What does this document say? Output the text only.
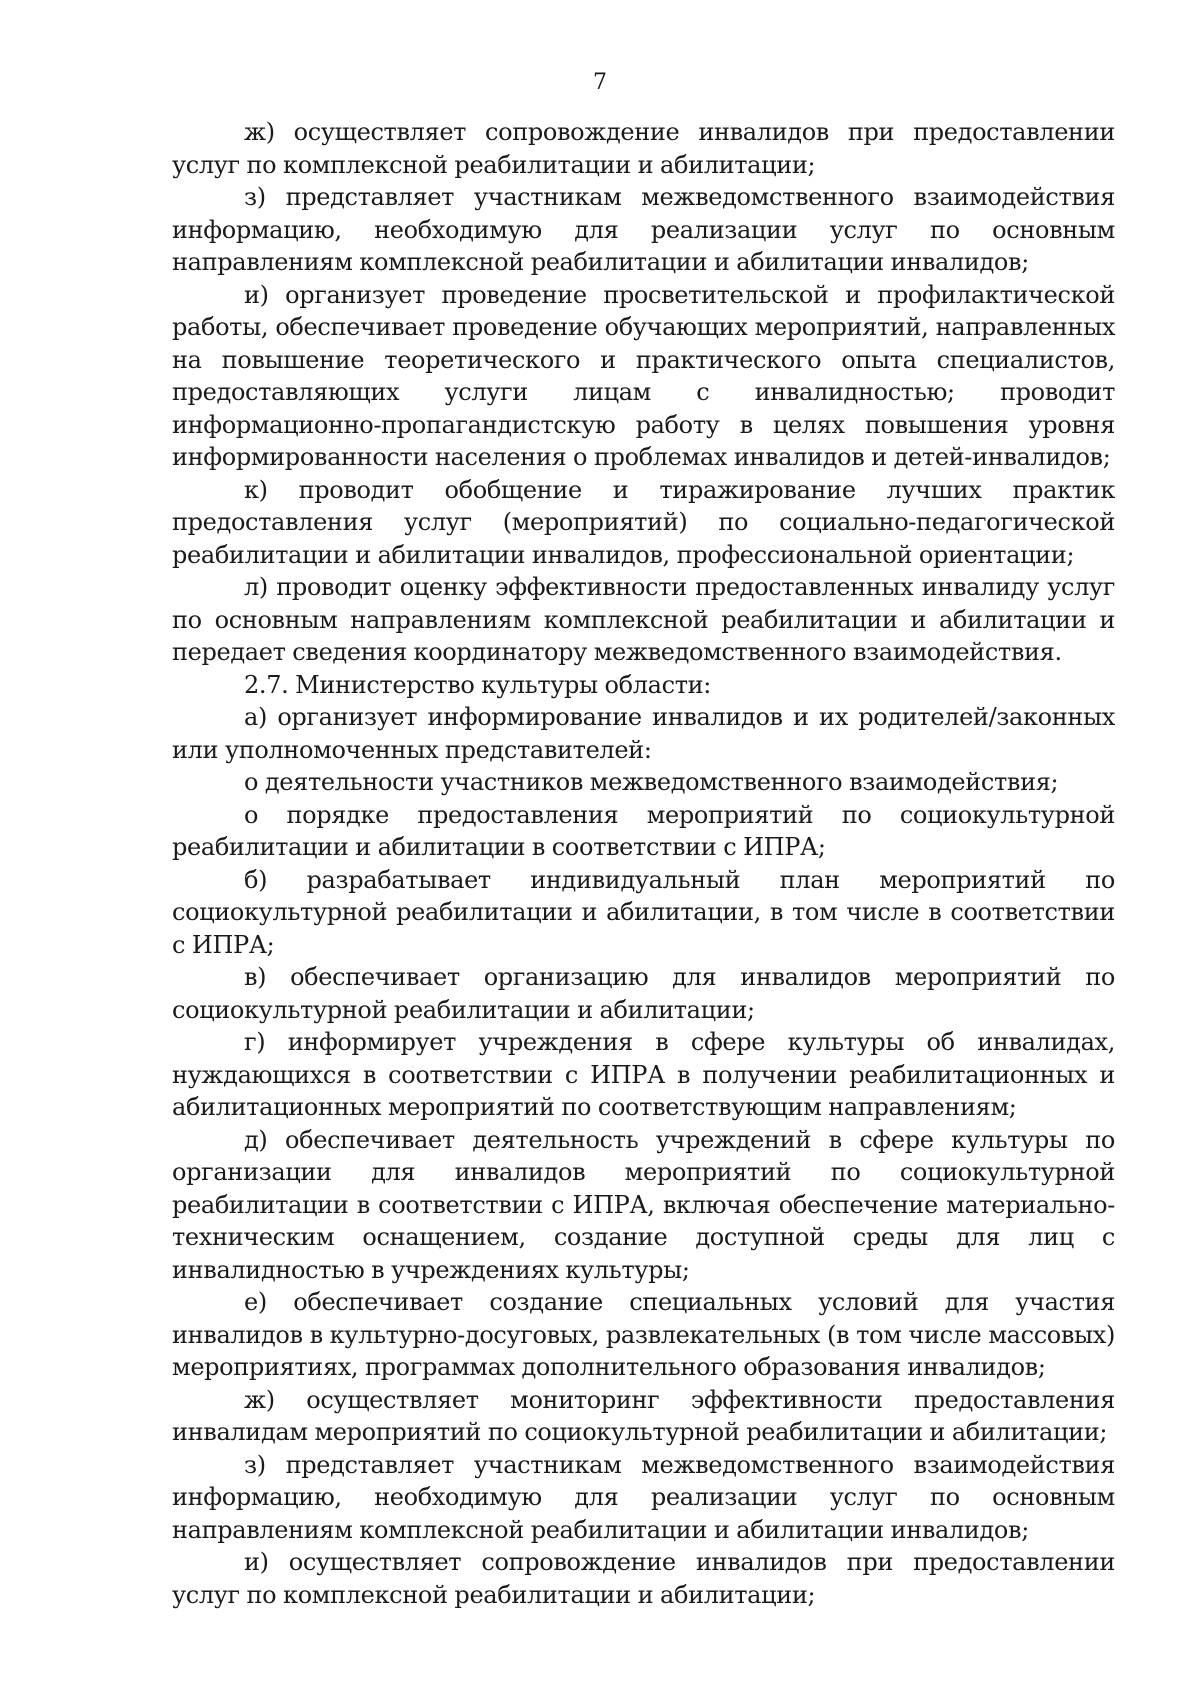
7

ж) осуществляет сопровождение инвалидов при предоставлении услуг по комплексной реабилитации и абилитации;

з) представляет участникам межведомственного взаимодействия информацию, необходимую для реализации услуг по основным направлениям комплексной реабилитации и абилитации инвалидов;

и) организует проведение просветительской и профилактической работы, обеспечивает проведение обучающих мероприятий, направленных на повышение теоретического и практического опыта специалистов, предоставляющих услуги лицам с инвалидностью; проводит информационно-пропагандистскую работу в целях повышения уровня информированности населения о проблемах инвалидов и детей-инвалидов;

к) проводит обобщение и тиражирование лучших практик предоставления услуг (мероприятий) по социально-педагогической реабилитации и абилитации инвалидов, профессиональной ориентации;

л) проводит оценку эффективности предоставленных инвалиду услуг по основным направлениям комплексной реабилитации и абилитации и передает сведения координатору межведомственного взаимодействия.

2.7. Министерство культуры области:

а) организует информирование инвалидов и их родителей/законных или уполномоченных представителей:

о деятельности участников межведомственного взаимодействия;

о порядке предоставления мероприятий по социокультурной реабилитации и абилитации в соответствии с ИПРА;

б) разрабатывает индивидуальный план мероприятий по социокультурной реабилитации и абилитации, в том числе в соответствии с ИПРА;

в) обеспечивает организацию для инвалидов мероприятий по социокультурной реабилитации и абилитации;

г) информирует учреждения в сфере культуры об инвалидах, нуждающихся в соответствии с ИПРА в получении реабилитационных и абилитационных мероприятий по соответствующим направлениям;

д) обеспечивает деятельность учреждений в сфере культуры по организации для инвалидов мероприятий по социокультурной реабилитации в соответствии с ИПРА, включая обеспечение материально-техническим оснащением, создание доступной среды для лиц с инвалидностью в учреждениях культуры;

е) обеспечивает создание специальных условий для участия инвалидов в культурно-досуговых, развлекательных (в том числе массовых) мероприятиях, программах дополнительного образования инвалидов;

ж) осуществляет мониторинг эффективности предоставления инвалидам мероприятий по социокультурной реабилитации и абилитации;

з) представляет участникам межведомственного взаимодействия информацию, необходимую для реализации услуг по основным направлениям комплексной реабилитации и абилитации инвалидов;

и) осуществляет сопровождение инвалидов при предоставлении услуг по комплексной реабилитации и абилитации;
